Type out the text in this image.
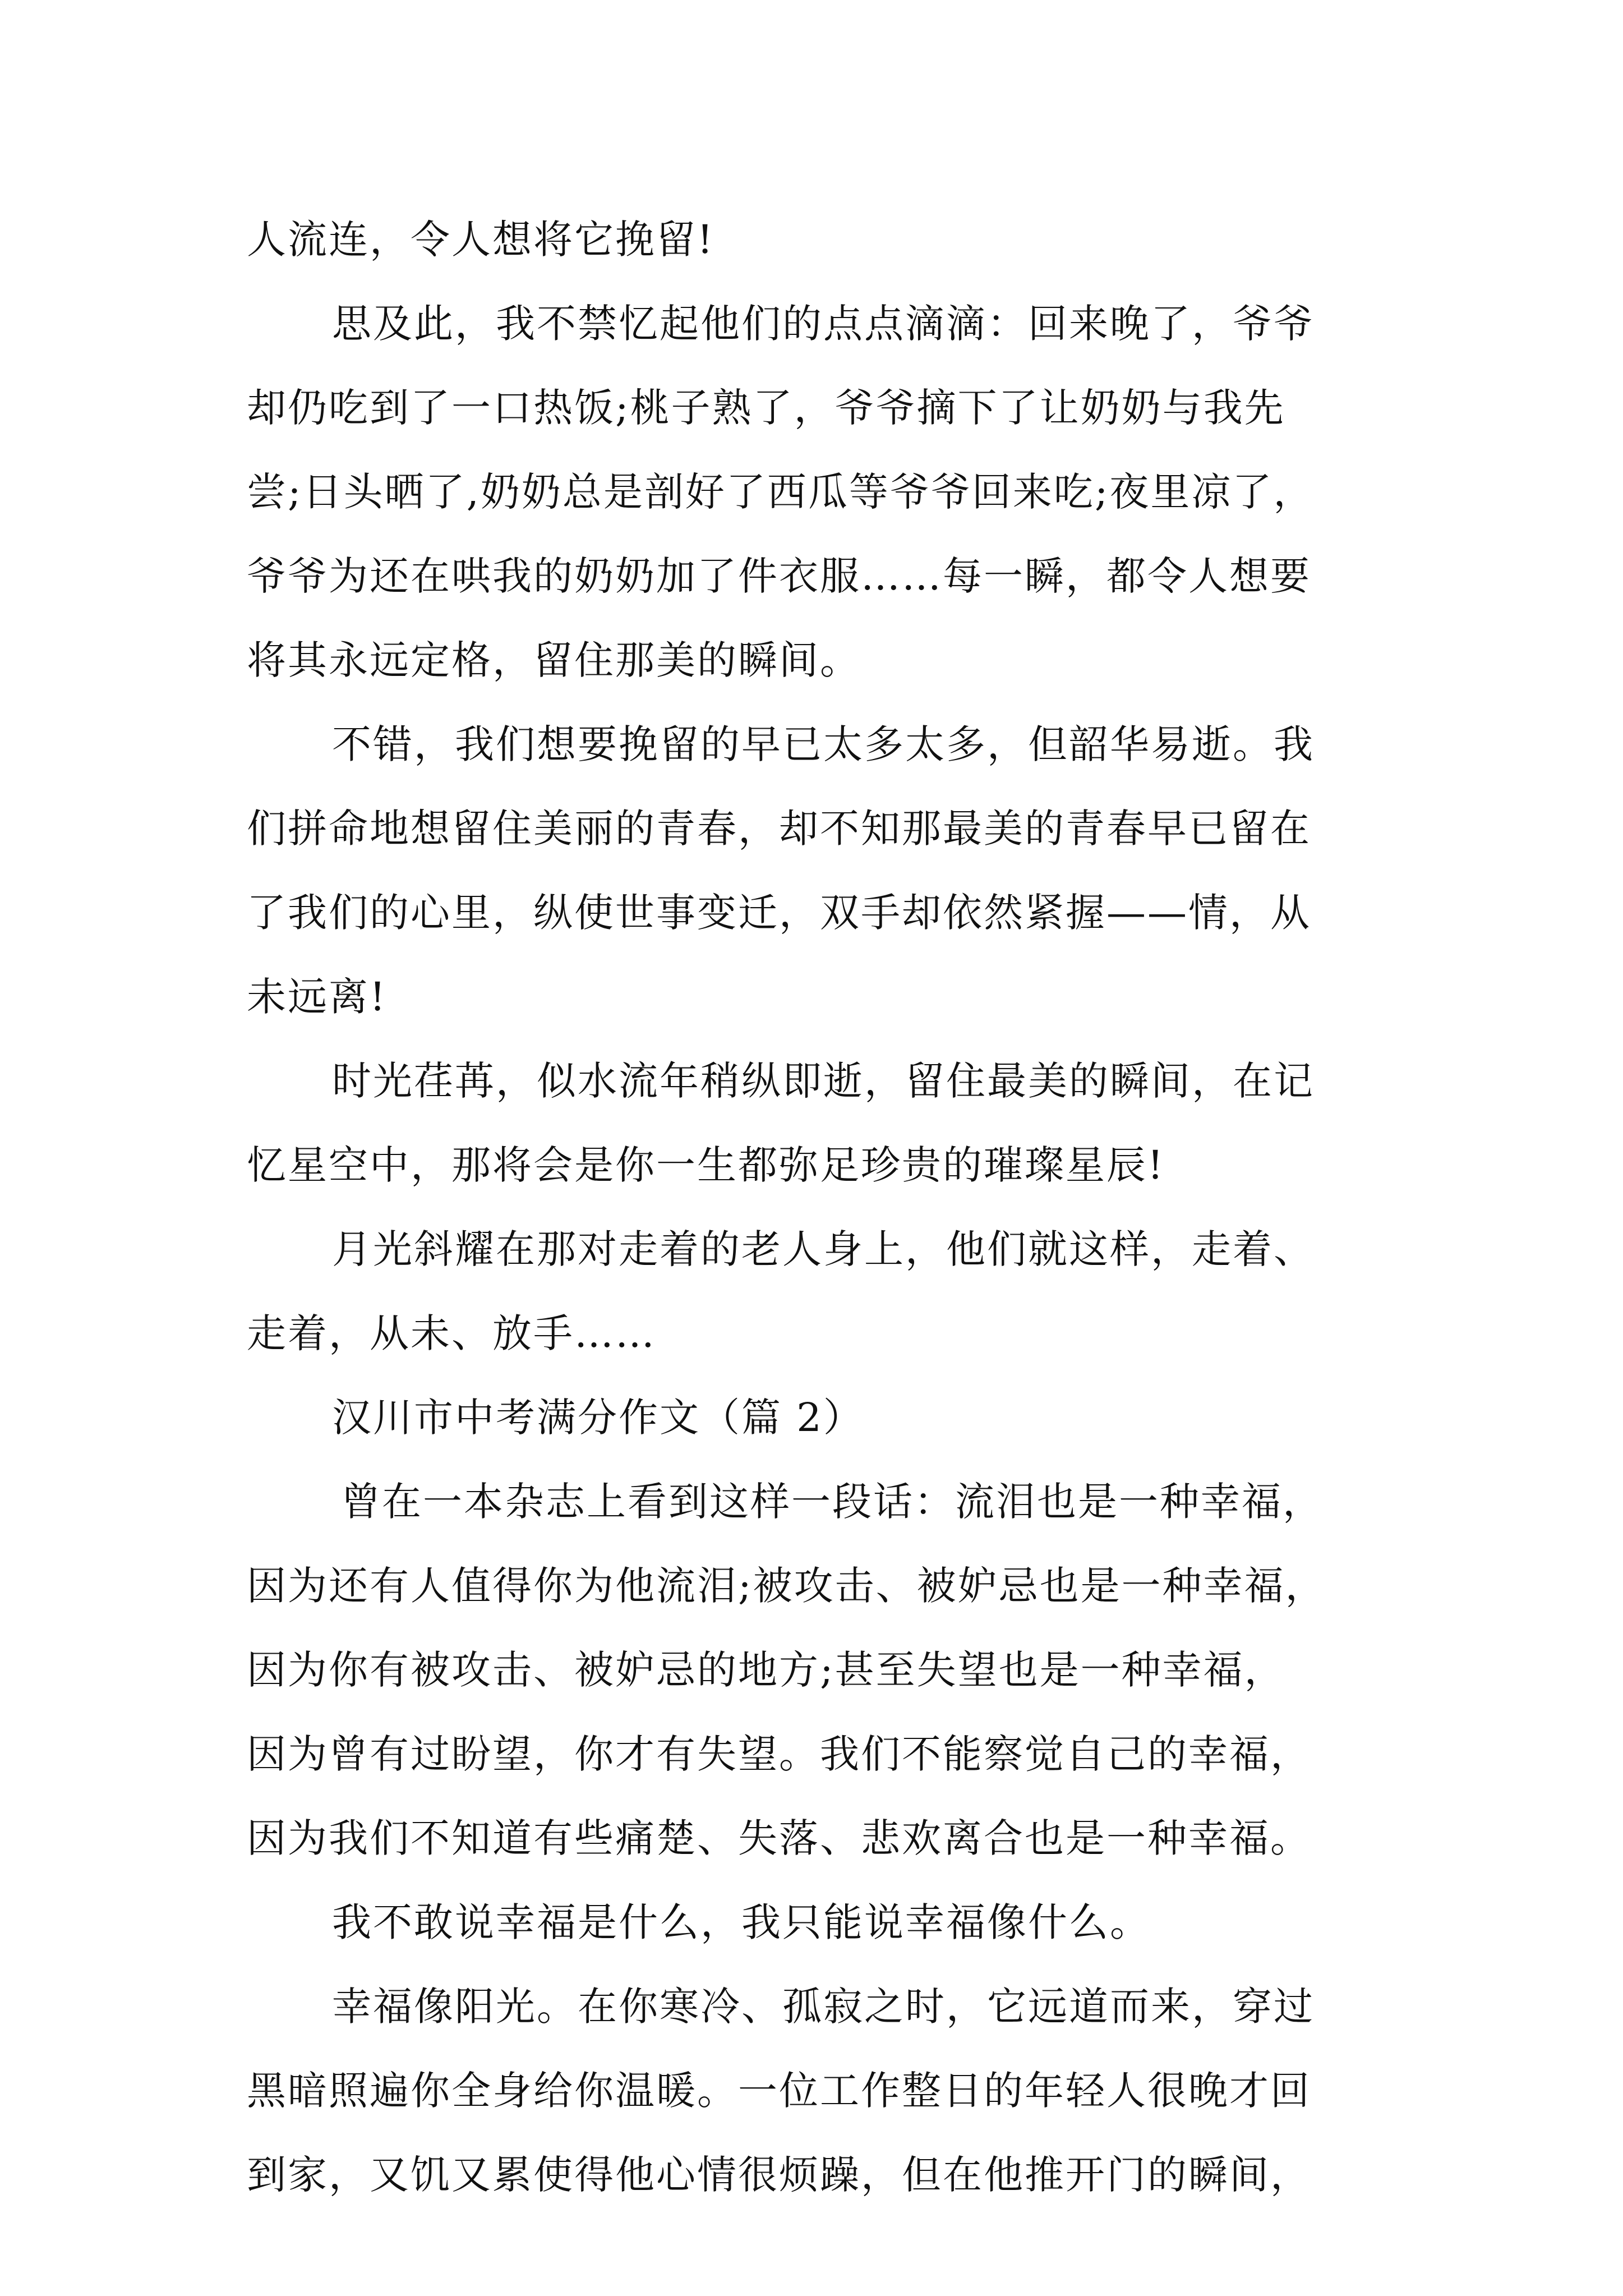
人流连，令人想将它挽留!
思及此，我不禁忆起他们的点点滴滴：回来晚了，爷爷
却仍吃到了一口热饭;桃子熟了，爷爷摘下了让奶奶与我先
尝;日头晒了,奶奶总是剖好了西瓜等爷爷回来吃;夜里凉了，
爷爷为还在哄我的奶奶加了件衣服……每一瞬，都令人想要
将其永远定格，留住那美的瞬间。
不错，我们想要挽留的早已太多太多，但韶华易逝。我
们拼命地想留住美丽的青春，却不知那最美的青春早已留在
了我们的心里，纵使世事变迁，双手却依然紧握——情，从
未远离!
时光荏苒，似水流年稍纵即逝，留住最美的瞬间，在记
忆星空中，那将会是你一生都弥足珍贵的璀璨星辰!
月光斜耀在那对走着的老人身上，他们就这样，走着、
走着，从未、放手……
汉川市中考满分作文（篇 2）
曾在一本杂志上看到这样一段话：流泪也是一种幸福，
因为还有人值得你为他流泪;被攻击、被妒忌也是一种幸福，
因为你有被攻击、被妒忌的地方;甚至失望也是一种幸福，
因为曾有过盼望，你才有失望。我们不能察觉自己的幸福，
因为我们不知道有些痛楚、失落、悲欢离合也是一种幸福。
我不敢说幸福是什么，我只能说幸福像什么。
幸福像阳光。在你寒冷、孤寂之时，它远道而来，穿过
黑暗照遍你全身给你温暖。一位工作整日的年轻人很晚才回
到家，又饥又累使得他心情很烦躁，但在他推开门的瞬间，
